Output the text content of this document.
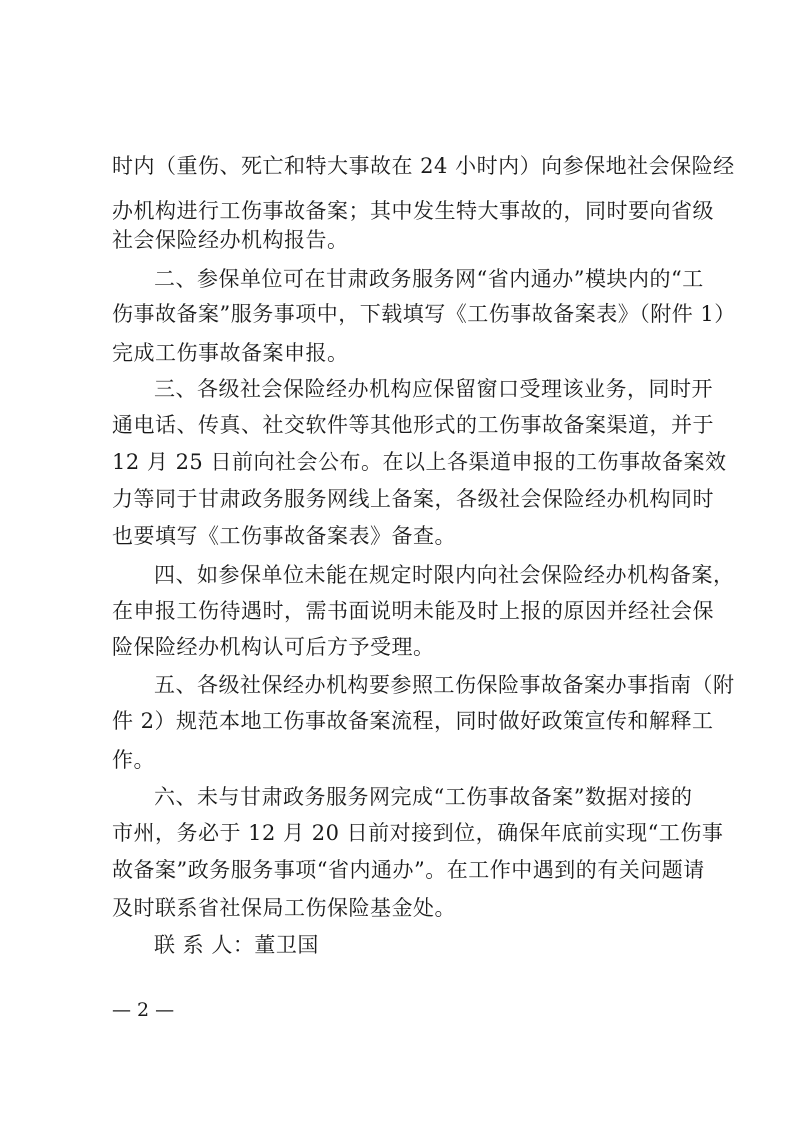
时内（重伤、死亡和特大事故在 24 小时内）向参保地社会保险经
办机构进行工伤事故备案；其中发生特大事故的，同时要向省级
社会保险经办机构报告。
二、参保单位可在甘肃政务服务网“省内通办”模块内的“工
伤事故备案”服务事项中，下载填写《工伤事故备案表》（附件 1）
完成工伤事故备案申报。
三、各级社会保险经办机构应保留窗口受理该业务，同时开
通电话、传真、社交软件等其他形式的工伤事故备案渠道，并于
12 月 25 日前向社会公布。在以上各渠道申报的工伤事故备案效
力等同于甘肃政务服务网线上备案，各级社会保险经办机构同时
也要填写《工伤事故备案表》备查。
四、如参保单位未能在规定时限内向社会保险经办机构备案，
在申报工伤待遇时，需书面说明未能及时上报的原因并经社会保
险保险经办机构认可后方予受理。
五、各级社保经办机构要参照工伤保险事故备案办事指南（附
件 2）规范本地工伤事故备案流程，同时做好政策宣传和解释工
作。
六、未与甘肃政务服务网完成“工伤事故备案”数据对接的
市州，务必于 12 月 20 日前对接到位，确保年底前实现“工伤事
故备案”政务服务事项“省内通办”。在工作中遇到的有关问题请
及时联系省社保局工伤保险基金处。
联 系 人：董卫国
— 2 —
